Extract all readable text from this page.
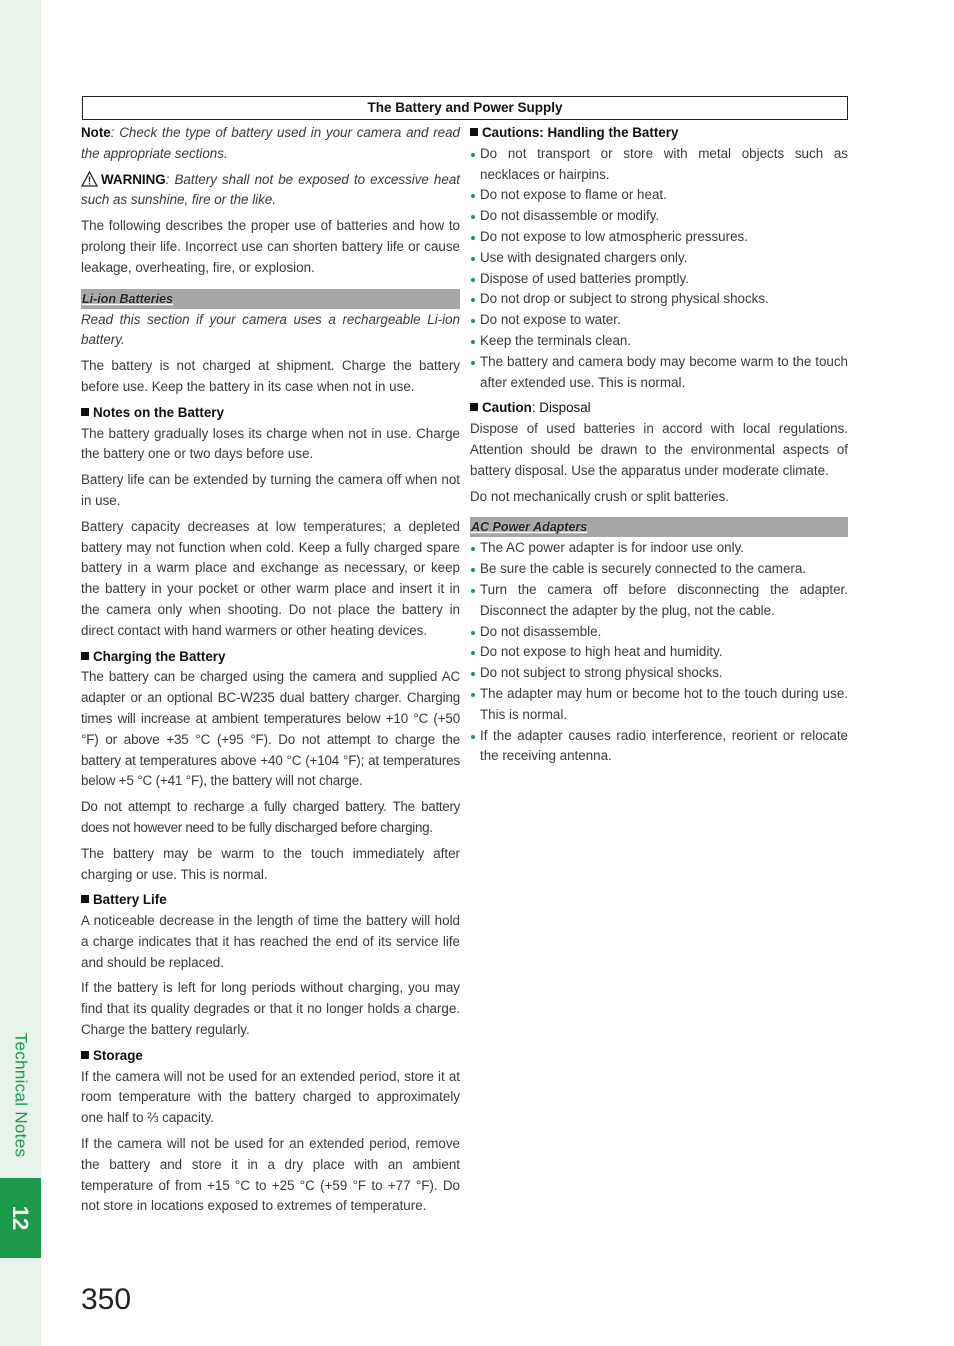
Technical Notes
12
The Battery and Power Supply

Note: Check the type of battery used in your camera and read the appropriate sections.

WARNING: Battery shall not be exposed to excessive heat such as sunshine, fire or the like.

The following describes the proper use of batteries and how to prolong their life. Incorrect use can shorten battery life or cause leakage, overheating, fire, or explosion.

Li-ion Batteries

Read this section if your camera uses a rechargeable Li-ion battery.

The battery is not charged at shipment. Charge the battery before use. Keep the battery in its case when not in use.

Notes on the Battery

The battery gradually loses its charge when not in use. Charge the battery one or two days before use.

Battery life can be extended by turning the camera off when not in use.

Battery capacity decreases at low temperatures; a depleted battery may not function when cold. Keep a fully charged spare battery in a warm place and exchange as necessary, or keep the battery in your pocket or other warm place and insert it in the camera only when shooting. Do not place the battery in direct contact with hand warmers or other heating devices.

Charging the Battery

The battery can be charged using the camera and supplied AC adapter or an optional BC-W235 dual battery charger. Charging times will increase at ambient temperatures below +10 °C (+50 °F) or above +35 °C (+95 °F). Do not attempt to charge the battery at temperatures above +40 °C (+104 °F); at temperatures below +5 °C (+41 °F), the battery will not charge.

Do not attempt to recharge a fully charged battery. The battery does not however need to be fully discharged before charging.

The battery may be warm to the touch immediately after charging or use. This is normal.

Battery Life

A noticeable decrease in the length of time the battery will hold a charge indicates that it has reached the end of its service life and should be replaced.

If the battery is left for long periods without charging, you may find that its quality degrades or that it no longer holds a charge. Charge the battery regularly.

Storage

If the camera will not be used for an extended period, store it at room temperature with the battery charged to approximately one half to ⅔ capacity.

If the camera will not be used for an extended period, remove the battery and store it in a dry place with an ambient temperature of from +15 °C to +25 °C (+59 °F to +77 °F). Do not store in locations exposed to extremes of temperature.

Cautions: Handling the Battery
Do not transport or store with metal objects such as necklaces or hairpins.
Do not expose to flame or heat.
Do not disassemble or modify.
Do not expose to low atmospheric pressures.
Use with designated chargers only.
Dispose of used batteries promptly.
Do not drop or subject to strong physical shocks.
Do not expose to water.
Keep the terminals clean.
The battery and camera body may become warm to the touch after extended use. This is normal.
Caution: Disposal

Dispose of used batteries in accord with local regulations. Attention should be drawn to the environmental aspects of battery disposal. Use the apparatus under moderate climate.

Do not mechanically crush or split batteries.

AC Power Adapters
The AC power adapter is for indoor use only.
Be sure the cable is securely connected to the camera.
Turn the camera off before disconnecting the adapter. Disconnect the adapter by the plug, not the cable.
Do not disassemble.
Do not expose to high heat and humidity.
Do not subject to strong physical shocks.
The adapter may hum or become hot to the touch during use. This is normal.
If the adapter causes radio interference, reorient or relocate the receiving antenna.
350
